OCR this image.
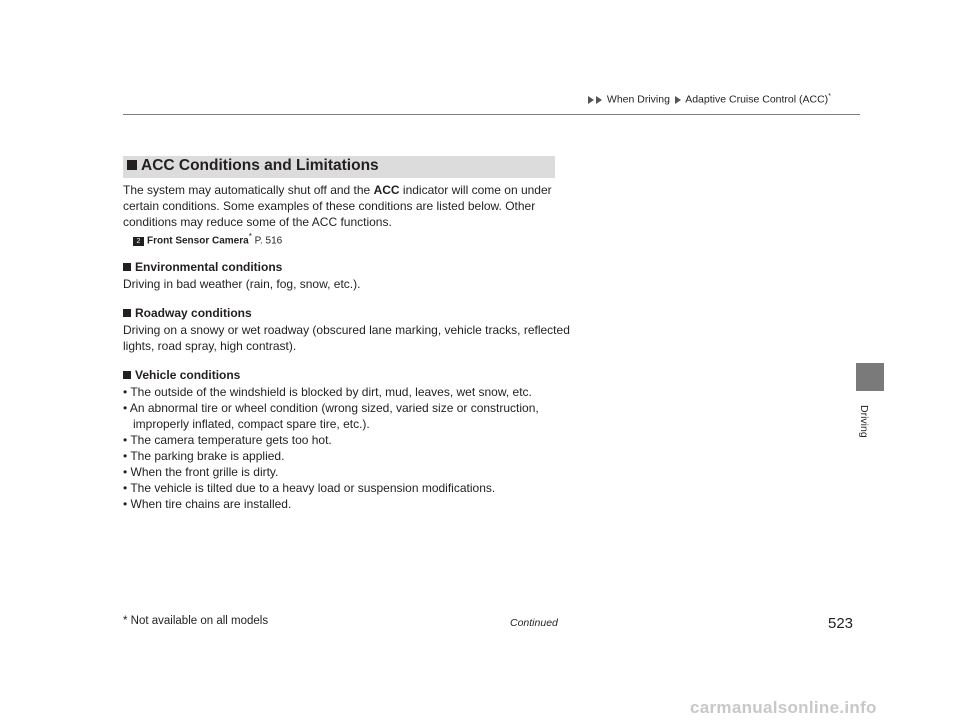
When Driving Adaptive Cruise Control (ACC)*
ACC Conditions and Limitations
The system may automatically shut off and the ACC indicator will come on under
certain conditions. Some examples of these conditions are listed below. Other
conditions may reduce some of the ACC functions.
2 Front Sensor Camera* P. 516
Environmental conditions
Driving in bad weather (rain, fog, snow, etc.).
Roadway conditions
Driving on a snowy or wet roadway (obscured lane marking, vehicle tracks, reflected
lights, road spray, high contrast).
Vehicle conditions
• The outside of the windshield is blocked by dirt, mud, leaves, wet snow, etc.
• An abnormal tire or wheel condition (wrong sized, varied size or construction,
improperly inflated, compact spare tire, etc.).
• The camera temperature gets too hot.
• The parking brake is applied.
• When the front grille is dirty.
• The vehicle is tilted due to a heavy load or suspension modifications.
• When tire chains are installed.
Driving
* Not available on all models	Continued	523
carmanualsonline.info
